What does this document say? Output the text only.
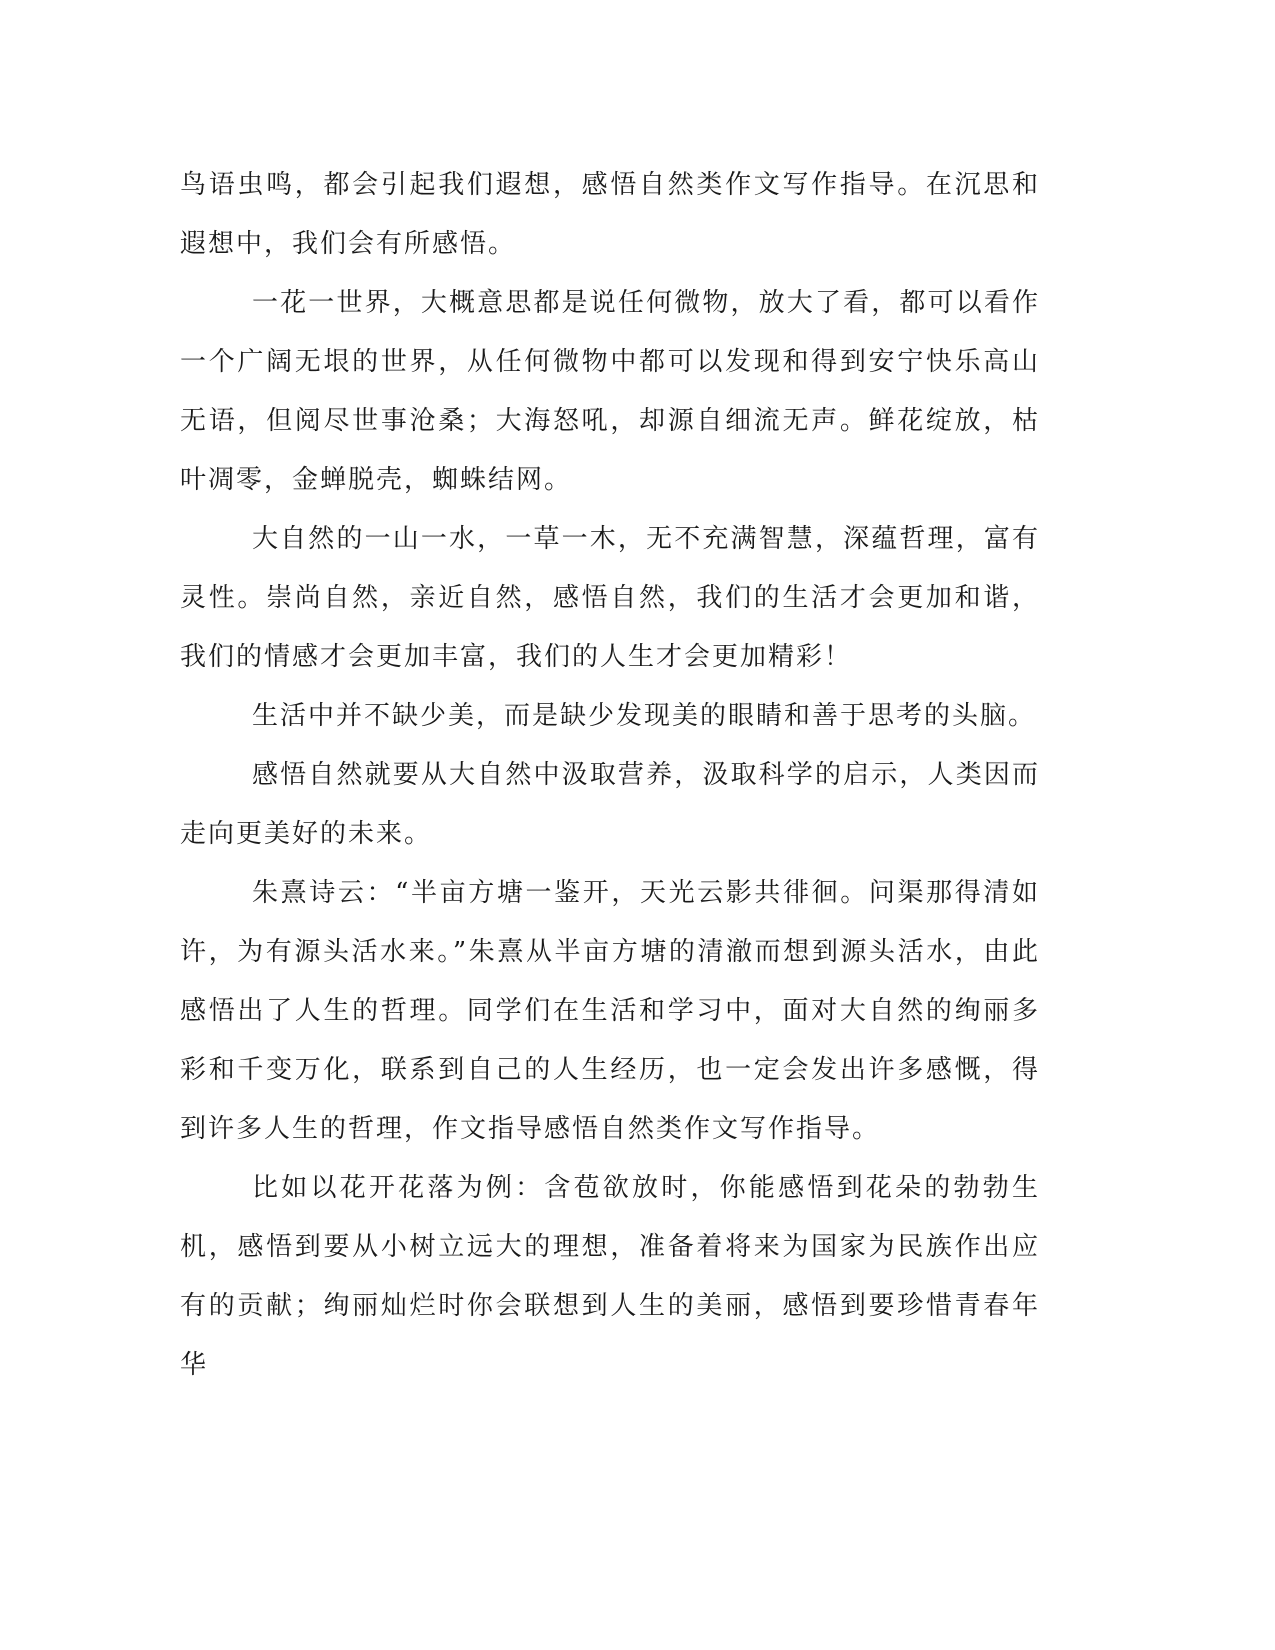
鸟语虫鸣，都会引起我们遐想，感悟自然类作文写作指导。在沉思和遐想中，我们会有所感悟。

一花一世界，大概意思都是说任何微物，放大了看，都可以看作一个广阔无垠的世界，从任何微物中都可以发现和得到安宁快乐高山无语，但阅尽世事沧桑；大海怒吼，却源自细流无声。鲜花绽放，枯叶凋零，金蝉脱壳，蜘蛛结网。

大自然的一山一水，一草一木，无不充满智慧，深蕴哲理，富有灵性。崇尚自然，亲近自然，感悟自然，我们的生活才会更加和谐，我们的情感才会更加丰富，我们的人生才会更加精彩！

生活中并不缺少美，而是缺少发现美的眼睛和善于思考的头脑。

感悟自然就要从大自然中汲取营养，汲取科学的启示，人类因而走向更美好的未来。

朱熹诗云：“半亩方塘一鉴开，天光云影共徘徊。问渠那得清如许，为有源头活水来。”朱熹从半亩方塘的清澈而想到源头活水，由此感悟出了人生的哲理。同学们在生活和学习中，面对大自然的绚丽多彩和千变万化，联系到自己的人生经历，也一定会发出许多感慨，得到许多人生的哲理，作文指导感悟自然类作文写作指导。

比如以花开花落为例：含苞欲放时，你能感悟到花朵的勃勃生机，感悟到要从小树立远大的理想，准备着将来为国家为民族作出应有的贡献；绚丽灿烂时你会联想到人生的美丽，感悟到要珍惜青春年华
